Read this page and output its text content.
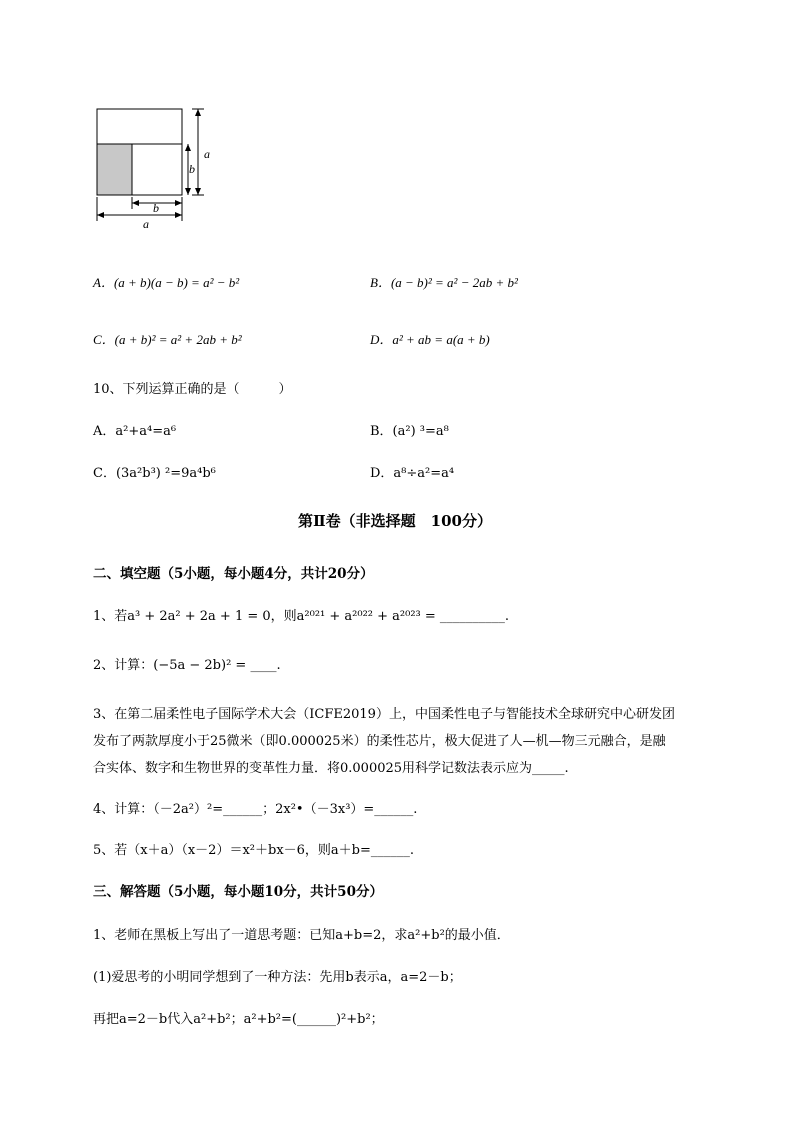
a
b
b
a
A．(a + b)(a − b) = a² − b²	B．(a − b)² = a² − 2ab + b²
C．(a + b)² = a² + 2ab + b²	D．a² + ab = a(a + b)
10、下列运算正确的是（　　　）
A．a²+a⁴=a⁶	B．(a²) ³=a⁸
C．(3a²b³) ²=9a⁴b⁶	D．a⁸÷a²=a⁴
第Ⅱ卷（非选择题　100分）
二、填空题（5小题，每小题4分，共计20分）
1、若a³ + 2a² + 2a + 1 = 0，则a²⁰²¹ + a²⁰²² + a²⁰²³ = __________.
2、计算：(−5a − 2b)² = ____.
3、在第二届柔性电子国际学术大会（ICFE2019）上，中国柔性电子与智能技术全球研究中心研发团
发布了两款厚度小于25微米（即0.000025米）的柔性芯片，极大促进了人—机—物三元融合，是融
合实体、数字和生物世界的变革性力量．将0.000025用科学记数法表示应为_____.
4、计算：（－2a²）²=______；2x²•（－3x³）=______.
5、若（x＋a）（x－2）＝x²＋bx－6，则a＋b=______.
三、解答题（5小题，每小题10分，共计50分）
1、老师在黑板上写出了一道思考题：已知a+b=2，求a²+b²的最小值．
(1)爱思考的小明同学想到了一种方法：先用b表示a，a=2－b；
再把a=2－b代入a²+b²；a²+b²=(______)²+b²；
